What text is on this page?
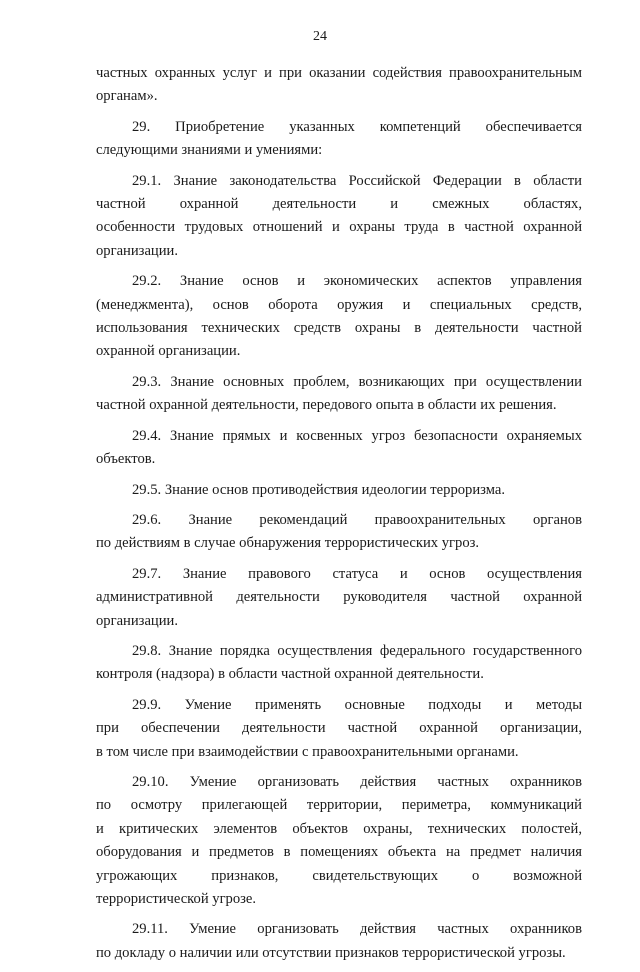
24
частных охранных услуг и при оказании содействия правоохранительным
органам».
29. Приобретение указанных компетенций обеспечивается
следующими знаниями и умениями:
29.1. Знание законодательства Российской Федерации в области
частной охранной деятельности и смежных областях,
особенности трудовых отношений и охраны труда в частной охранной
организации.
29.2. Знание основ и экономических аспектов управления
(менеджмента), основ оборота оружия и специальных средств,
использования технических средств охраны в деятельности частной
охранной организации.
29.3. Знание основных проблем, возникающих при осуществлении
частной охранной деятельности, передового опыта в области их решения.
29.4. Знание прямых и косвенных угроз безопасности охраняемых
объектов.
29.5. Знание основ противодействия идеологии терроризма.
29.6. Знание рекомендаций правоохранительных органов
по действиям в случае обнаружения террористических угроз.
29.7. Знание правового статуса и основ осуществления
административной деятельности руководителя частной охранной
организации.
29.8. Знание порядка осуществления федерального государственного
контроля (надзора) в области частной охранной деятельности.
29.9. Умение применять основные подходы и методы
при обеспечении деятельности частной охранной организации,
в том числе при взаимодействии с правоохранительными органами.
29.10. Умение организовать действия частных охранников
по осмотру прилегающей территории, периметра, коммуникаций
и критических элементов объектов охраны, технических полостей,
оборудования и предметов в помещениях объекта на предмет наличия
угрожающих признаков, свидетельствующих о возможной
террористической угрозе.
29.11. Умение организовать действия частных охранников
по докладу о наличии или отсутствии признаков террористической угрозы.
